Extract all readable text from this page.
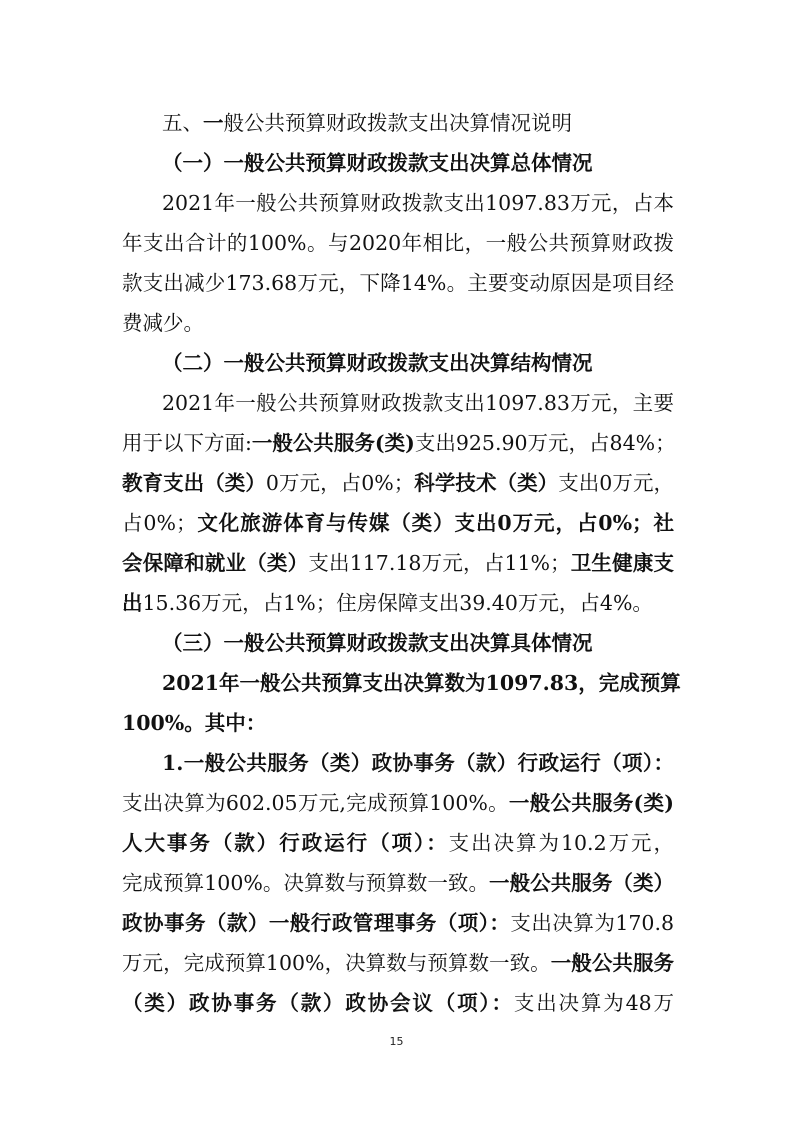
五、一般公共预算财政拨款支出决算情况说明
（一）一般公共预算财政拨款支出决算总体情况
2021年一般公共预算财政拨款支出1097.83万元，占本
年支出合计的100%。与2020年相比，一般公共预算财政拨
款支出减少173.68万元，下降14%。主要变动原因是项目经
费减少。
（二）一般公共预算财政拨款支出决算结构情况
2021年一般公共预算财政拨款支出1097.83万元，主要
用于以下方面:一般公共服务(类)支出925.90万元，占84%；
教育支出（类）0万元，占0%；科学技术（类）支出0万元，
占0%；文化旅游体育与传媒（类）支出0万元，占0%；社
会保障和就业（类）支出117.18万元，占11%；卫生健康支
出15.36万元，占1%；住房保障支出39.40万元，占4%。
（三）一般公共预算财政拨款支出决算具体情况
2021年一般公共预算支出决算数为1097.83，完成预算
100%。其中：
1.一般公共服务（类）政协事务（款）行政运行（项）：
支出决算为602.05万元,完成预算100%。一般公共服务(类)
人大事务（款）行政运行（项）：支出决算为10.2万元，
完成预算100%。决算数与预算数一致。一般公共服务（类）
政协事务（款）一般行政管理事务（项）：支出决算为170.8
万元，完成预算100%，决算数与预算数一致。一般公共服务
（类）政协事务（款）政协会议（项）：支出决算为48万
15
